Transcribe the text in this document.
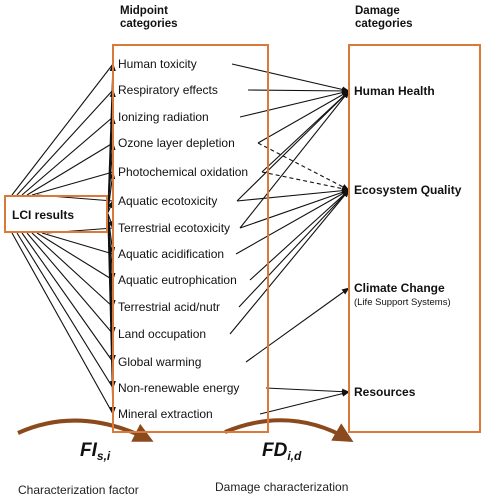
Midpoint
categories
Damage
categories
LCI results
Human toxicity
Respiratory effects
Ionizing radiation
Ozone layer depletion
Photochemical oxidation
Aquatic ecotoxicity
Terrestrial ecotoxicity
Aquatic acidification
Aquatic eutrophication
Terrestrial acid/nutr
Land occupation
Global warming
Non-renewable energy
Mineral extraction
Human Health
Ecosystem Quality
Climate Change
(Life Support Systems)
Resources
$FI_{s,i}$	$FD_{i,d}$
Characterization factor	Damage characterization
